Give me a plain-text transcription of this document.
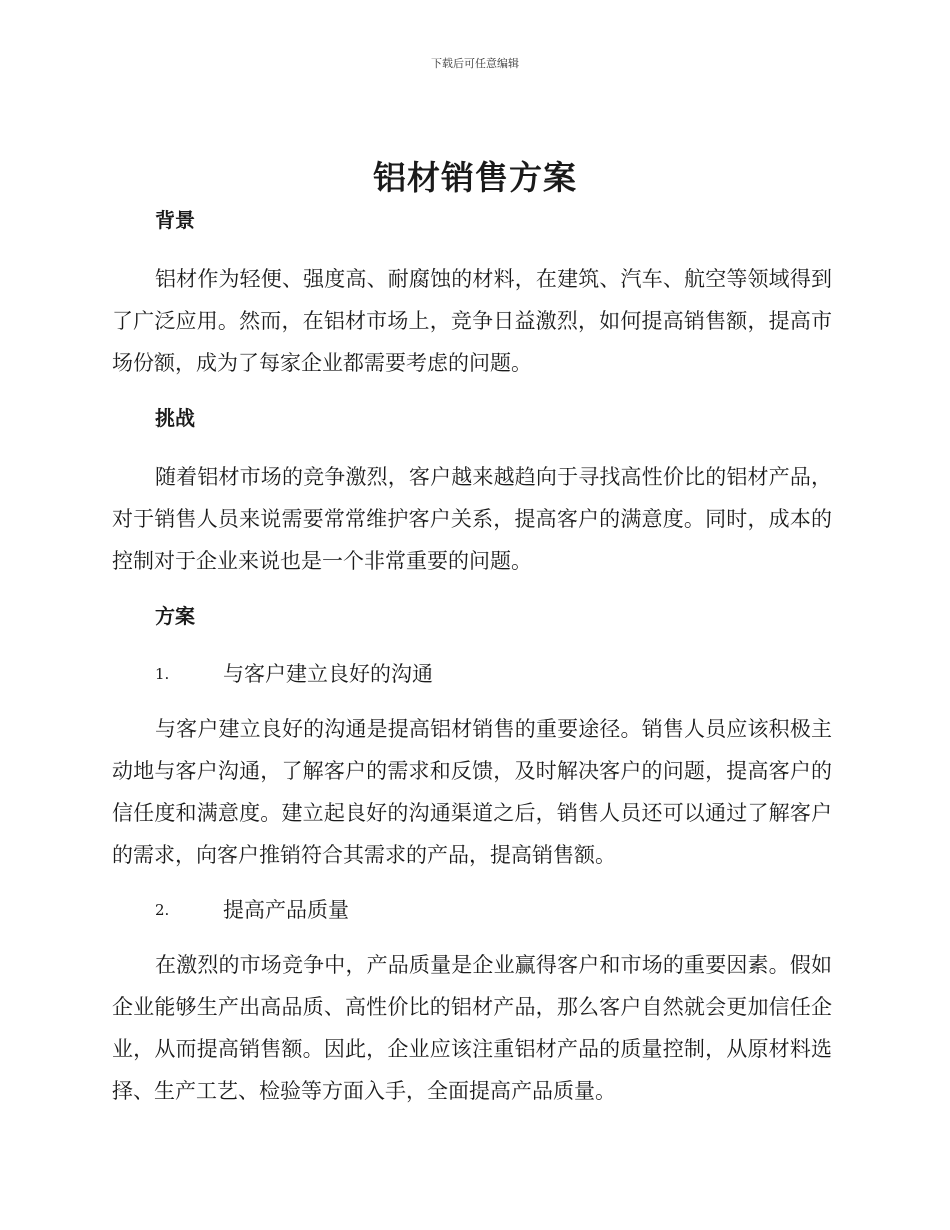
下载后可任意编辑

铝材销售方案
背景

铝材作为轻便、强度高、耐腐蚀的材料，在建筑、汽车、航空等领域得到了广泛应用。然而，在铝材市场上，竞争日益激烈，如何提高销售额，提高市场份额，成为了每家企业都需要考虑的问题。

挑战

随着铝材市场的竞争激烈，客户越来越趋向于寻找高性价比的铝材产品，对于销售人员来说需要常常维护客户关系，提高客户的满意度。同时，成本的控制对于企业来说也是一个非常重要的问题。

方案
1.	与客户建立良好的沟通

与客户建立良好的沟通是提高铝材销售的重要途径。销售人员应该积极主动地与客户沟通，了解客户的需求和反馈，及时解决客户的问题，提高客户的信任度和满意度。建立起良好的沟通渠道之后，销售人员还可以通过了解客户的需求，向客户推销符合其需求的产品，提高销售额。

2.	提高产品质量

在激烈的市场竞争中，产品质量是企业赢得客户和市场的重要因素。假如企业能够生产出高品质、高性价比的铝材产品，那么客户自然就会更加信任企业，从而提高销售额。因此，企业应该注重铝材产品的质量控制，从原材料选择、生产工艺、检验等方面入手，全面提高产品质量。
